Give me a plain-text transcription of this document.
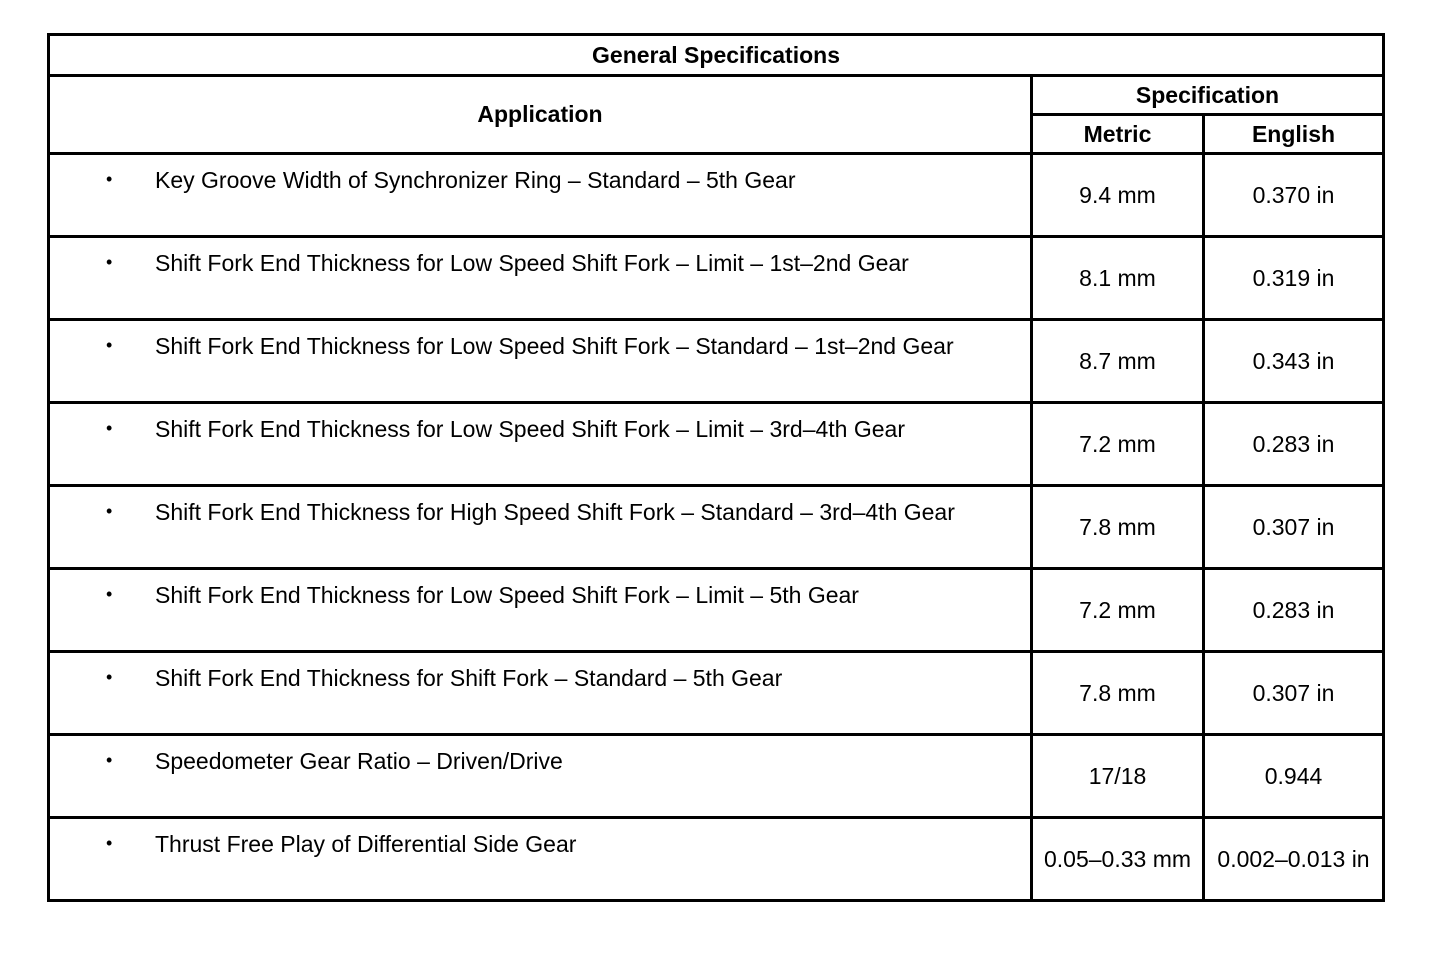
General Specifications		
Application	Specification	
	Metric	English

• Key Groove Width of Synchronizer Ring – Standard – 5th Gear	9.4 mm	0.370 in

• Shift Fork End Thickness for Low Speed Shift Fork – Limit – 1st–2nd Gear	8.1 mm	0.319 in

• Shift Fork End Thickness for Low Speed Shift Fork – Standard – 1st–2nd Gear	8.7 mm	0.343 in

• Shift Fork End Thickness for Low Speed Shift Fork – Limit – 3rd–4th Gear	7.2 mm	0.283 in

• Shift Fork End Thickness for High Speed Shift Fork – Standard – 3rd–4th Gear	7.8 mm	0.307 in

• Shift Fork End Thickness for Low Speed Shift Fork – Limit – 5th Gear	7.2 mm	0.283 in

• Shift Fork End Thickness for Shift Fork – Standard – 5th Gear	7.8 mm	0.307 in

• Speedometer Gear Ratio – Driven/Drive	17/18	0.944

• Thrust Free Play of Differential Side Gear	0.05–0.33 mm	0.002–0.013 in
